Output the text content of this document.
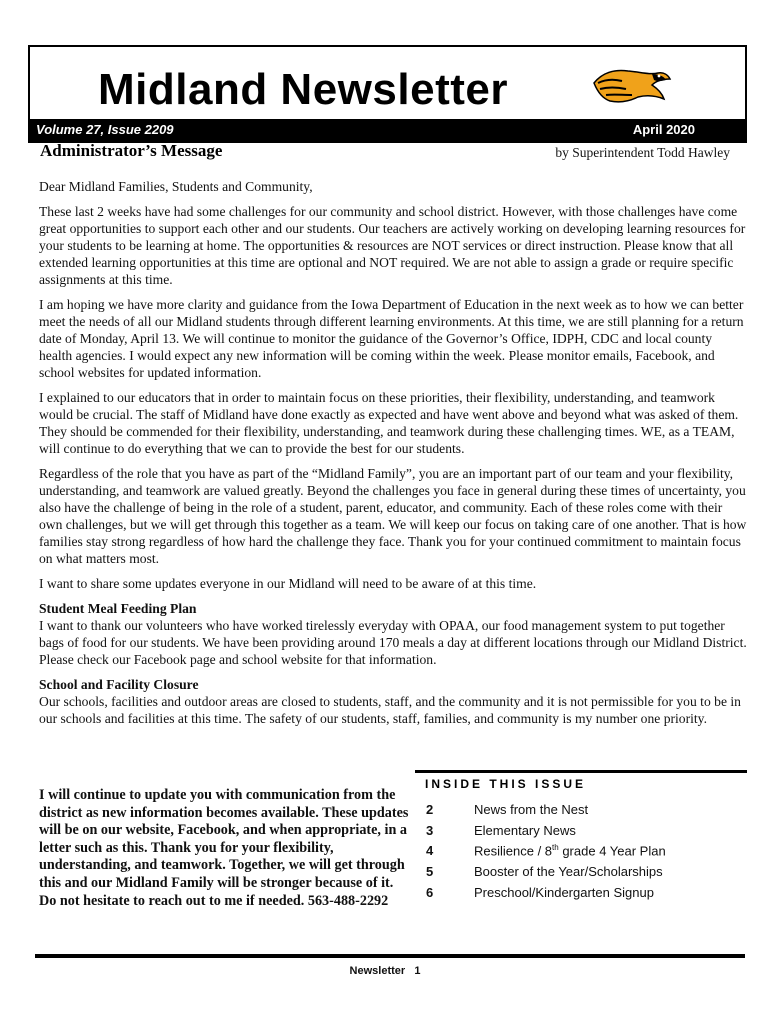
Midland Newsletter
Volume 27, Issue 2209	April 2020
Administrator’s Message	by Superintendent Todd Hawley

Dear Midland Families, Students and Community,

These last 2 weeks have had some challenges for our community and school district. However, with those challenges have come great opportunities to support each other and our students. Our teachers are actively working on developing learning resources for your students to be learning at home. The opportunities & resources are NOT services or direct instruction. Please know that all extended learning opportunities at this time are optional and NOT required. We are not able to assign a grade or require specific assignments at this time.

I am hoping we have more clarity and guidance from the Iowa Department of Education in the next week as to how we can better meet the needs of all our Midland students through different learning environments. At this time, we are still planning for a return date of Monday, April 13. We will continue to monitor the guidance of the Governor’s Office, IDPH, CDC and local county health agencies. I would expect any new information will be coming within the week. Please monitor emails, Facebook, and school websites for updated information.

I explained to our educators that in order to maintain focus on these priorities, their flexibility, understanding, and teamwork would be crucial. The staff of Midland have done exactly as expected and have went above and beyond what was asked of them. They should be commended for their flexibility, understanding, and teamwork during these challenging times. WE, as a TEAM, will continue to do everything that we can to provide the best for our students.

Regardless of the role that you have as part of the “Midland Family”, you are an important part of our team and your flexibility, understanding, and teamwork are valued greatly. Beyond the challenges you face in general during these times of uncertainty, you also have the challenge of being in the role of a student, parent, educator, and community. Each of these roles come with their own challenges, but we will get through this together as a team. We will keep our focus on taking care of one another. That is how families stay strong regardless of how hard the challenge they face. Thank you for your continued commitment to maintain focus on what matters most.

I want to share some updates everyone in our Midland will need to be aware of at this time.

Student Meal Feeding Plan

I want to thank our volunteers who have worked tirelessly everyday with OPAA, our food management system to put together bags of food for our students. We have been providing around 170 meals a day at different locations through our Midland District. Please check our Facebook page and school website for that information.

School and Facility Closure

Our schools, facilities and outdoor areas are closed to students, staff, and the community and it is not permissible for you to be in our schools and facilities at this time. The safety of our students, staff, families, and community is my number one priority.

I will continue to update you with communication from the district as new information becomes available. These updates will be on our website, Facebook, and when appropriate, in a letter such as this. Thank you for your flexibility, understanding, and teamwork. Together, we will get through this and our Midland Family will be stronger because of it. Do not hesitate to reach out to me if needed. 563-488-2292
INSIDE THIS ISSUE
2	News from the Nest
3	Elementary News
4	Resilience / 8th grade 4 Year Plan
5	Booster of the Year/Scholarships
6	Preschool/Kindergarten Signup
Newsletter 1
